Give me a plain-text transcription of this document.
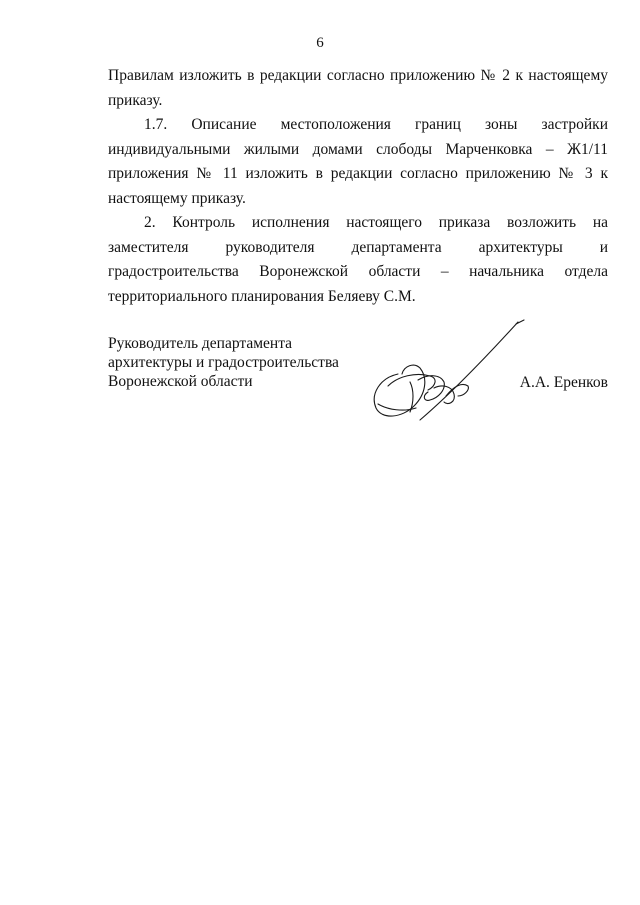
6

Правилам изложить в редакции согласно приложению № 2 к настоящему

приказу.

1.7. Описание местоположения границ зоны застройки индивидуальными жилыми домами слободы Марченковка – Ж1/11 приложения № 11 изложить в редакции согласно приложению № 3 к настоящему приказу.

2. Контроль исполнения настоящего приказа возложить на заместителя руководителя департамента архитектуры и градостроительства Воронежской области – начальника отдела территориального планирования Беляеву С.М.

Руководитель департамента
архитектуры и градостроительства
Воронежской области	А.А. Еренков
